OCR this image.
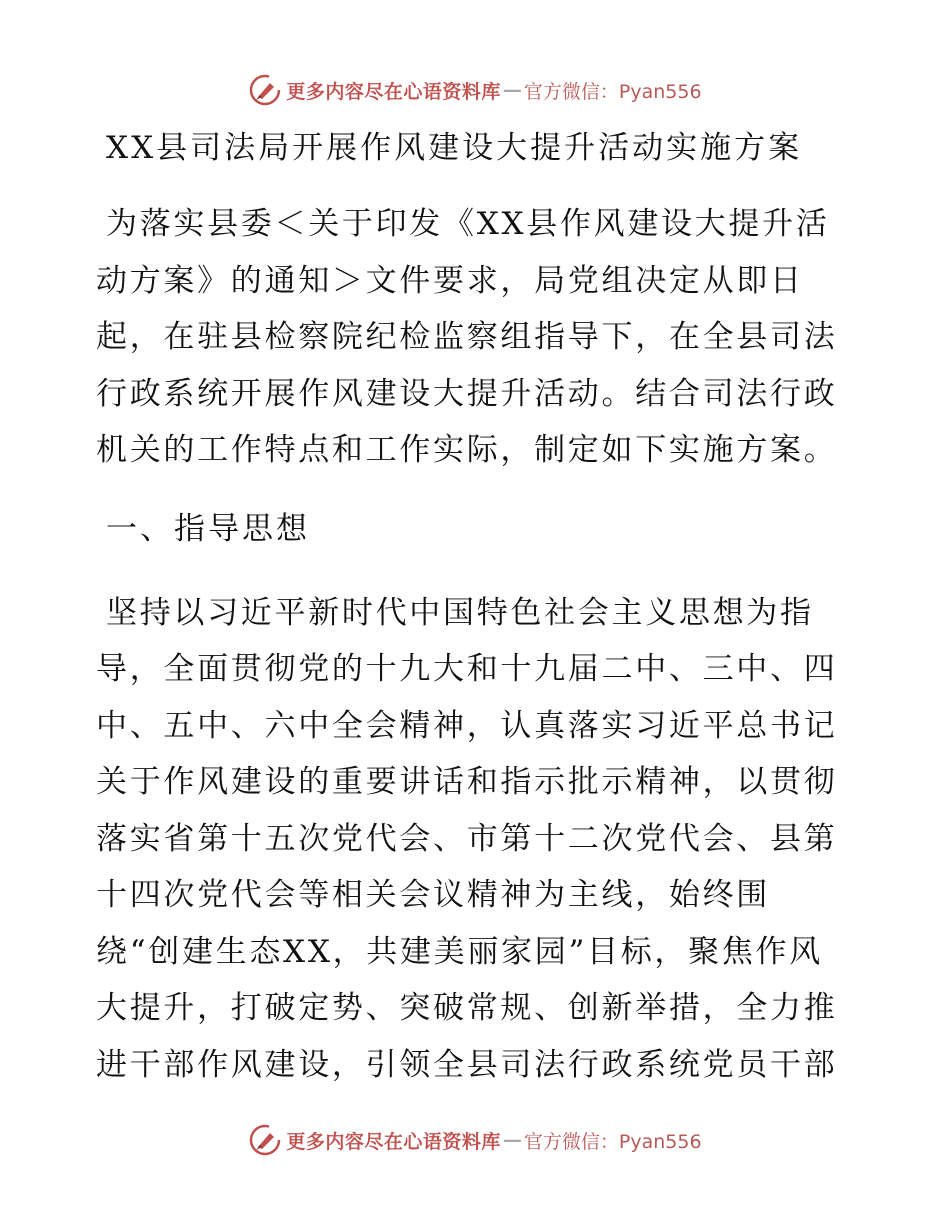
更多内容尽在心语资料库 — 官方微信：Pyan556
XX县司法局开展作风建设大提升活动实施方案

为落实县委＜关于印发《XX县作风建设大提升活
动方案》的通知＞文件要求，局党组决定从即日
起，在驻县检察院纪检监察组指导下，在全县司法
行政系统开展作风建设大提升活动。结合司法行政
机关的工作特点和工作实际，制定如下实施方案。

一、指导思想

坚持以习近平新时代中国特色社会主义思想为指
导，全面贯彻党的十九大和十九届二中、三中、四
中、五中、六中全会精神，认真落实习近平总书记
关于作风建设的重要讲话和指示批示精神，以贯彻
落实省第十五次党代会、市第十二次党代会、县第
十四次党代会等相关会议精神为主线，始终围
绕“创建生态XX，共建美丽家园”目标，聚焦作风
大提升，打破定势、突破常规、创新举措，全力推
进干部作风建设，引领全县司法行政系统党员干部

更多内容尽在心语资料库 — 官方微信：Pyan556
